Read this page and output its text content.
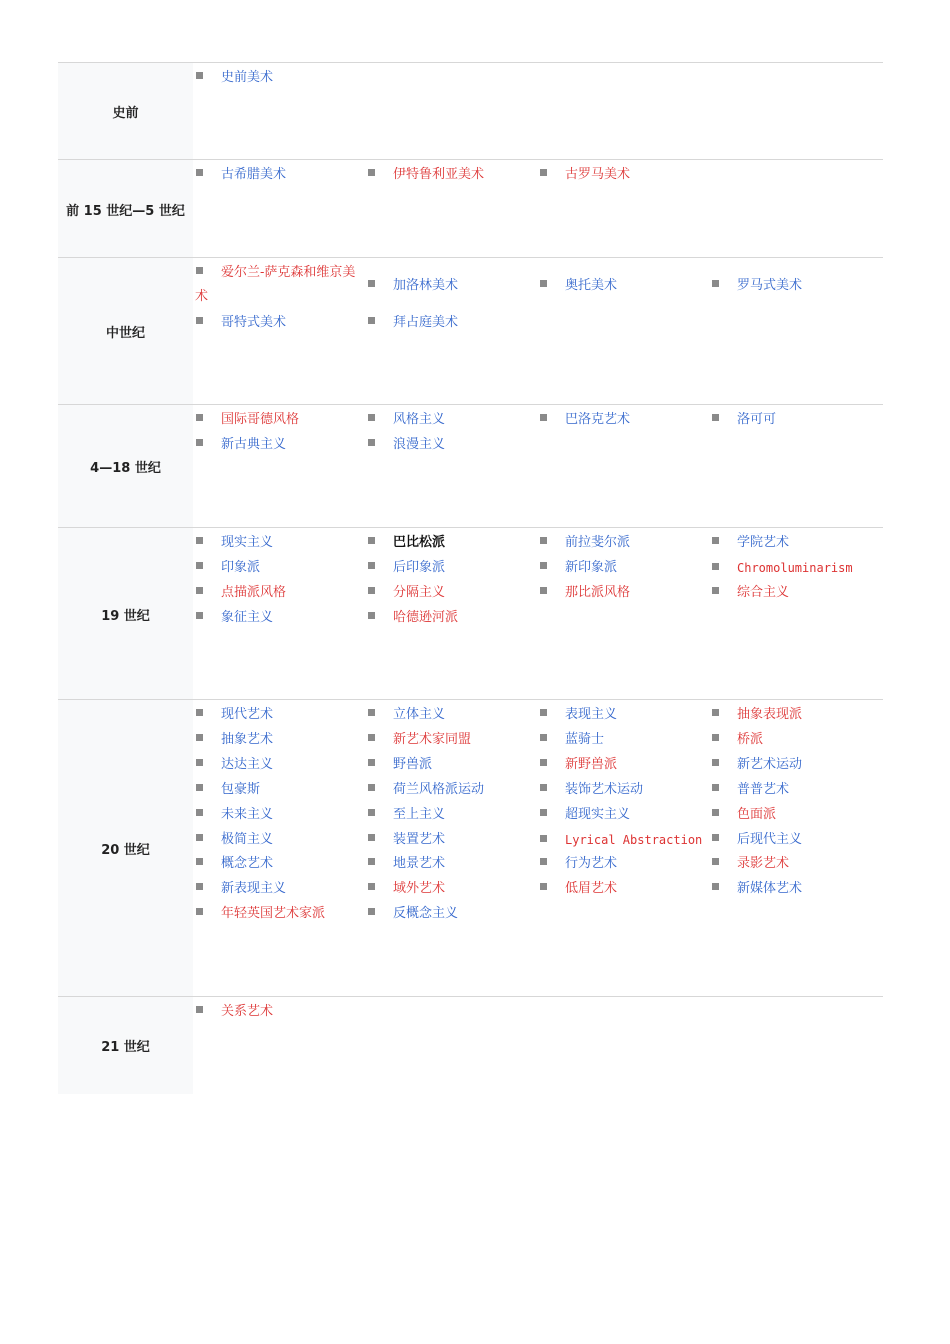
史前
史前美术
前 15 世纪—5 世纪
古希腊美术	伊特鲁利亚美术	古罗马美术
中世纪
爱尔兰-萨克森和维京美术
加洛林美术	奥托美术	罗马式美术
哥特式美术	拜占庭美术
4—18 世纪
国际哥德风格	风格主义	巴洛克艺术	洛可可
新古典主义	浪漫主义
19 世纪
现实主义	巴比松派	前拉斐尔派	学院艺术
印象派	后印象派	新印象派	Chromoluminarism
点描派风格	分隔主义	那比派风格	综合主义
象征主义	哈德逊河派
20 世纪
现代艺术	立体主义	表现主义	抽象表现派
抽象艺术	新艺术家同盟	蓝骑士	桥派
达达主义	野兽派	新野兽派	新艺术运动
包豪斯	荷兰风格派运动	装饰艺术运动	普普艺术
未来主义	至上主义	超现实主义	色面派
极简主义	装置艺术	Lyrical Abstraction	后现代主义
概念艺术	地景艺术	行为艺术	录影艺术
新表现主义	域外艺术	低眉艺术	新媒体艺术
年轻英国艺术家派	反概念主义
21 世纪
关系艺术
